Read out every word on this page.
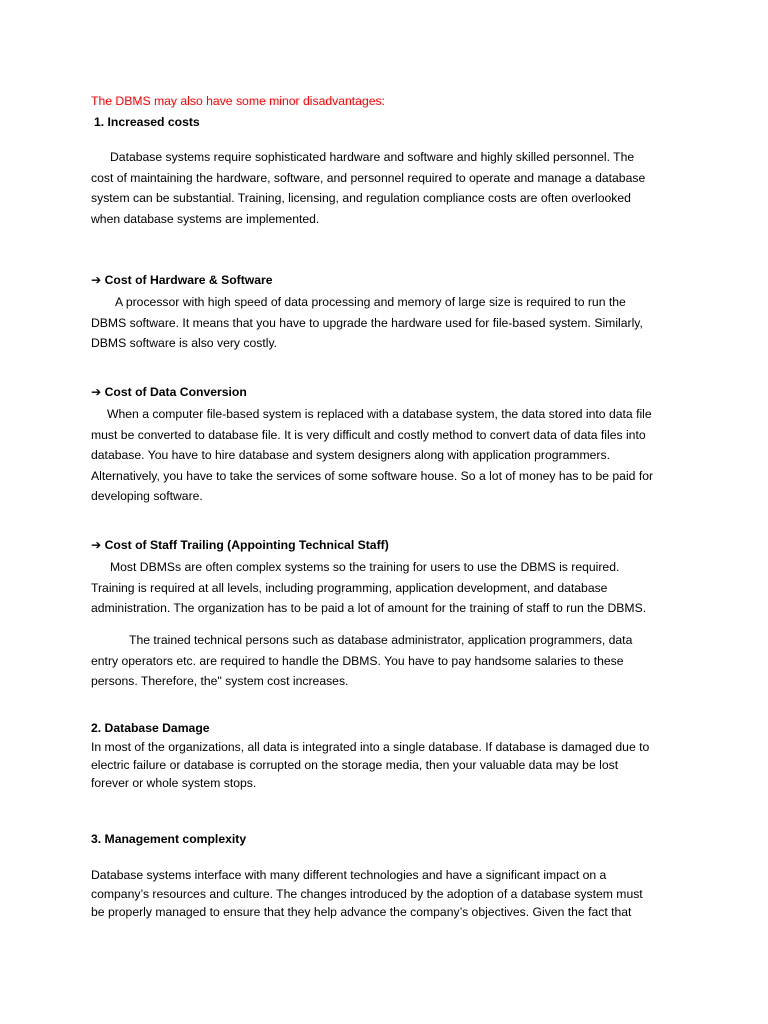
The DBMS may also have some minor disadvantages:
1. Increased costs
Database systems require sophisticated hardware and software and highly skilled personnel. The
cost of maintaining the hardware, software, and personnel required to operate and manage a database
system can be substantial. Training, licensing, and regulation compliance costs are often overlooked
when database systems are implemented.
➔ Cost of Hardware & Software
A processor with high speed of data processing and memory of large size is required to run the
DBMS software. It means that you have to upgrade the hardware used for file-based system. Similarly,
DBMS software is also very costly.
➔ Cost of Data Conversion
When a computer file-based system is replaced with a database system, the data stored into data file
must be converted to database file. It is very difficult and costly method to convert data of data files into
database. You have to hire database and system designers along with application programmers.
Alternatively, you have to take the services of some software house. So a lot of money has to be paid for
developing software.
➔ Cost of Staff Trailing (Appointing Technical Staff)
Most DBMSs are often complex systems so the training for users to use the DBMS is required.
Training is required at all levels, including programming, application development, and database
administration. The organization has to be paid a lot of amount for the training of staff to run the DBMS.
The trained technical persons such as database administrator, application programmers, data
entry operators etc. are required to handle the DBMS. You have to pay handsome salaries to these
persons. Therefore, the" system cost increases.
2. Database Damage
In most of the organizations, all data is integrated into a single database. If database is damaged due to
electric failure or database is corrupted on the storage media, then your valuable data may be lost
forever or whole system stops.
3. Management complexity
Database systems interface with many different technologies and have a significant impact on a
company’s resources and culture. The changes introduced by the adoption of a database system must
be properly managed to ensure that they help advance the company’s objectives. Given the fact that
